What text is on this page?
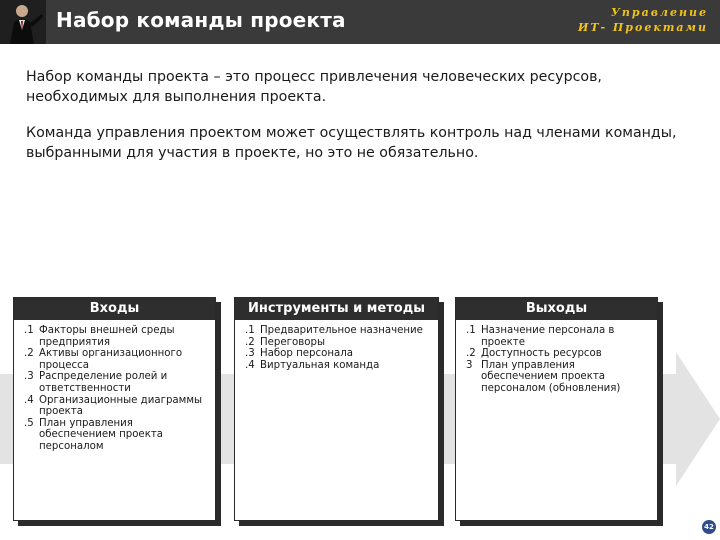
Набор команды проекта	Управление
ИТ- Проектами

Набор команды проекта – это процесс привлечения человеческих ресурсов, необходимых для выполнения проекта.

Команда управления проектом может осуществлять контроль над членами команды, выбранными для участия в проекте, но это не обязательно.

Входы
.1 Факторы внешней среды предприятия
.2 Активы организационного процесса
.3 Распределение ролей и ответственности
.4 Организационные диаграммы проекта
.5 План управления обеспечением проекта персоналом
Инструменты и методы
.1 Предварительное назначение
.2 Переговоры
.3 Набор персонала
.4 Виртуальная команда
Выходы
.1 Назначение персонала в проекте
.2 Доступность ресурсов
3 План управления обеспечением проекта персоналом (обновления)
42
